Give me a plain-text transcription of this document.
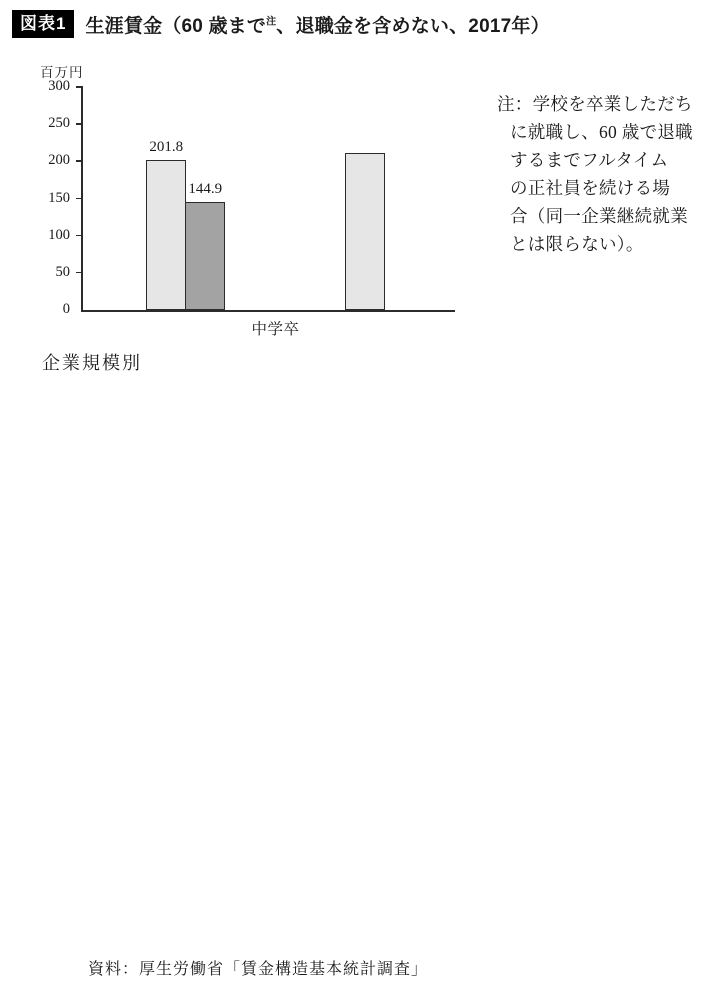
図表1	生涯賃金（60 歳まで$^注$、退職金を含めない、2017年）
百万円
0
50
100
150
200
250
300
201.8
144.9
中学卒
注：学校を卒業しただち
に就職し、60 歳で退職
するまでフルタイム
の正社員を続ける場
合（同一企業継続就業
とは限らない）。
企業規模別
資料：厚生労働省「賃金構造基本統計調査」
